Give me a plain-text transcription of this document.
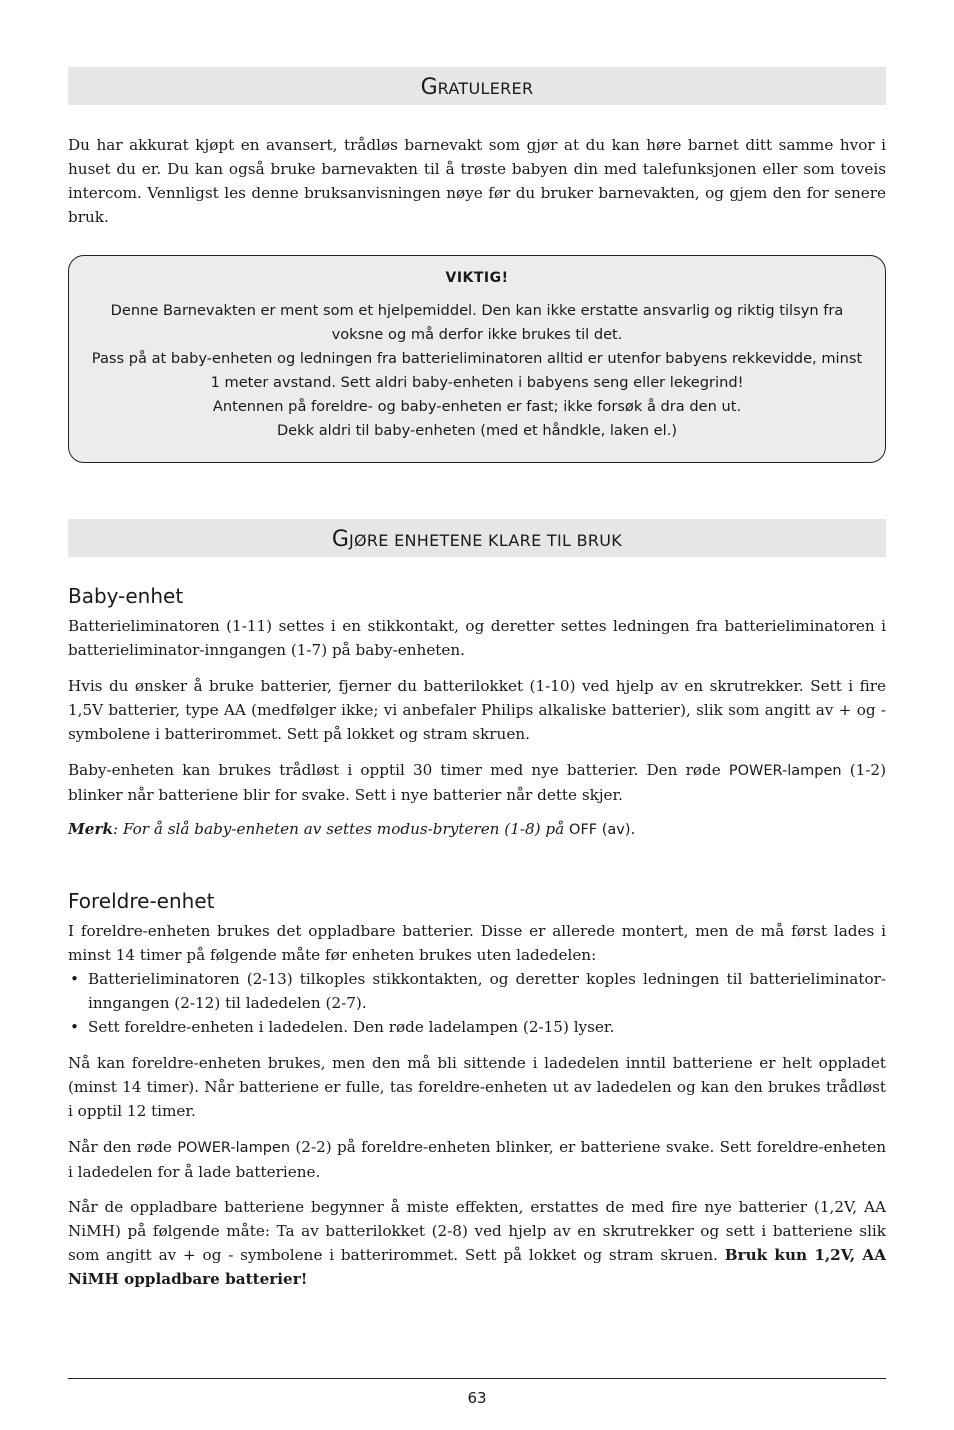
GRATULERER
Du har akkurat kjøpt en avansert, trådløs barnevakt som gjør at du kan høre barnet ditt samme hvor i huset du er. Du kan også bruke barnevakten til å trøste babyen din med talefunksjonen eller som toveis intercom. Vennligst les denne bruksanvisningen nøye før du bruker barnevakten, og gjem den for senere bruk.
VIKTIG!
Denne Barnevakten er ment som et hjelpemiddel. Den kan ikke erstatte ansvarlig og riktig tilsyn fra
voksne og må derfor ikke brukes til det.
Pass på at baby-enheten og ledningen fra batterieliminatoren alltid er utenfor babyens rekkevidde, minst
1 meter avstand. Sett aldri baby-enheten i babyens seng eller lekegrind!
Antennen på foreldre- og baby-enheten er fast; ikke forsøk å dra den ut.
Dekk aldri til baby-enheten (med et håndkle, laken el.)
GJØRE ENHETENE KLARE TIL BRUK
Baby-enhet
Batterieliminatoren (1-11) settes i en stikkontakt, og deretter settes ledningen fra batterieliminatoren i batterieliminator-inngangen (1-7) på baby-enheten.
Hvis du ønsker å bruke batterier, fjerner du batterilokket (1-10) ved hjelp av en skrutrekker. Sett i fire 1,5V batterier, type AA (medfølger ikke; vi anbefaler Philips alkaliske batterier), slik som angitt av + og - symbolene i batterirommet. Sett på lokket og stram skruen.
Baby-enheten kan brukes trådløst i opptil 30 timer med nye batterier. Den røde POWER-lampen (1-2) blinker når batteriene blir for svake. Sett i nye batterier når dette skjer.
Merk: For å slå baby-enheten av settes modus-bryteren (1-8) på OFF (av).
Foreldre-enhet
I foreldre-enheten brukes det oppladbare batterier. Disse er allerede montert, men de må først lades i minst 14 timer på følgende måte før enheten brukes uten ladedelen:
• Batterieliminatoren (2-13) tilkoples stikkontakten, og deretter koples ledningen til batterieliminator-inngangen (2-12) til ladedelen (2-7).
• Sett foreldre-enheten i ladedelen. Den røde ladelampen (2-15) lyser.
Nå kan foreldre-enheten brukes, men den må bli sittende i ladedelen inntil batteriene er helt oppladet (minst 14 timer). Når batteriene er fulle, tas foreldre-enheten ut av ladedelen og kan den brukes trådløst i opptil 12 timer.
Når den røde POWER-lampen (2-2) på foreldre-enheten blinker, er batteriene svake. Sett foreldre-enheten i ladedelen for å lade batteriene.
Når de oppladbare batteriene begynner å miste effekten, erstattes de med fire nye batterier (1,2V, AA NiMH) på følgende måte: Ta av batterilokket (2-8) ved hjelp av en skrutrekker og sett i batteriene slik som angitt av + og - symbolene i batterirommet. Sett på lokket og stram skruen. Bruk kun 1,2V, AA NiMH oppladbare batterier!
63
